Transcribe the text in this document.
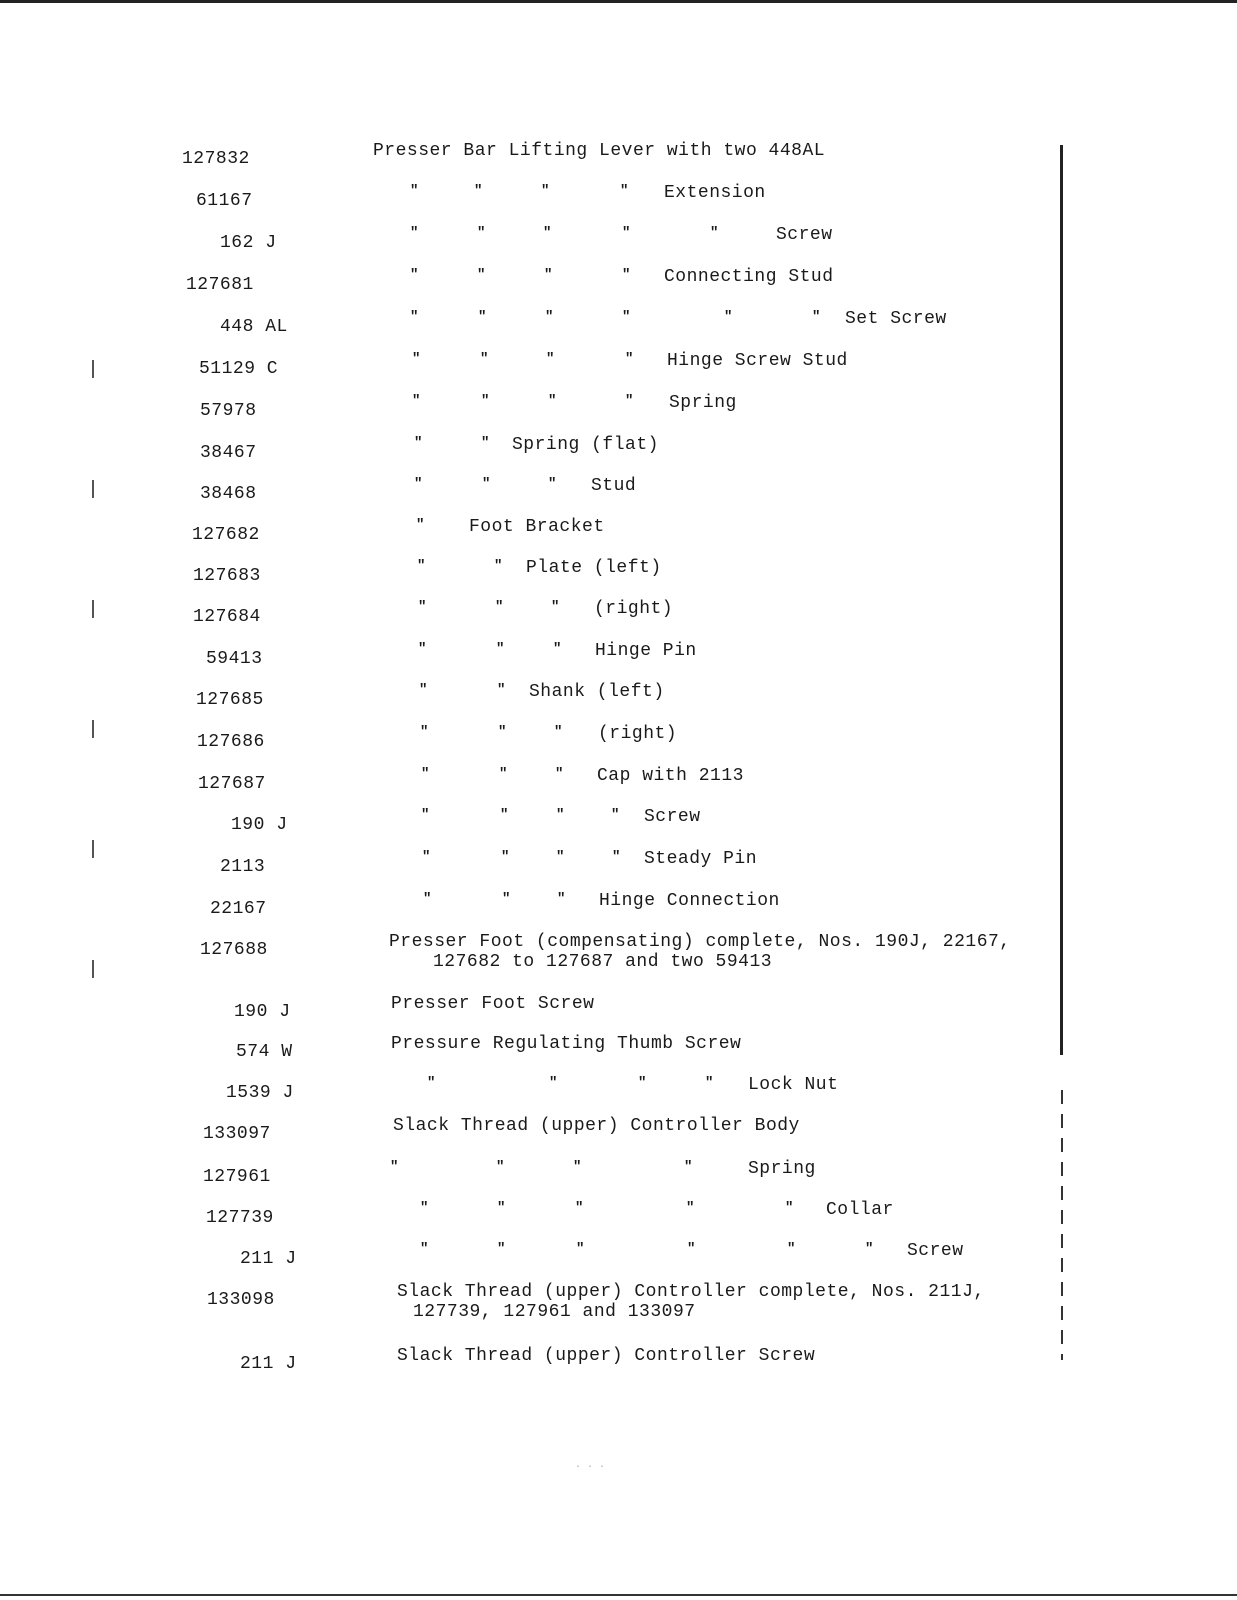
127832	Presser Bar Lifting Lever with two 448AL
61167	"	"	"	" Extension
162 J	"	"	"	"	"	Screw
127681	"	"	"	" Connecting Stud
448 AL	"	"	"	"	"	" Set Screw
51129 C	"	"	"	" Hinge Screw Stud
57978	"	"	"	" Spring
38467	"	" Spring (flat)
38468	"	"	" Stud
127682	" Foot Bracket
127683	"	" Plate (left)
127684	"	"	" (right)
59413	"	"	" Hinge Pin
127685	"	" Shank (left)
127686	"	"	" (right)
127687	"	"	" Cap with 2113
190 J	"	"	"	" Screw
2113	"	"	"	" Steady Pin
22167	"	"	" Hinge Connection
127688	Presser Foot (compensating) complete, Nos. 190J, 22167,
127682 to 127687 and two 59413
190 J	Presser Foot Screw
574 W	Pressure Regulating Thumb Screw
1539 J	"	"	"	" Lock Nut
133097	Slack Thread (upper) Controller Body
127961	"	"	"	"	Spring
127739	"	"	"	"	" Collar
211 J	"	"	"	"	"	" Screw
133098	Slack Thread (upper) Controller complete, Nos. 211J,
127739, 127961 and 133097
211 J	Slack Thread (upper) Controller Screw
· · ·
